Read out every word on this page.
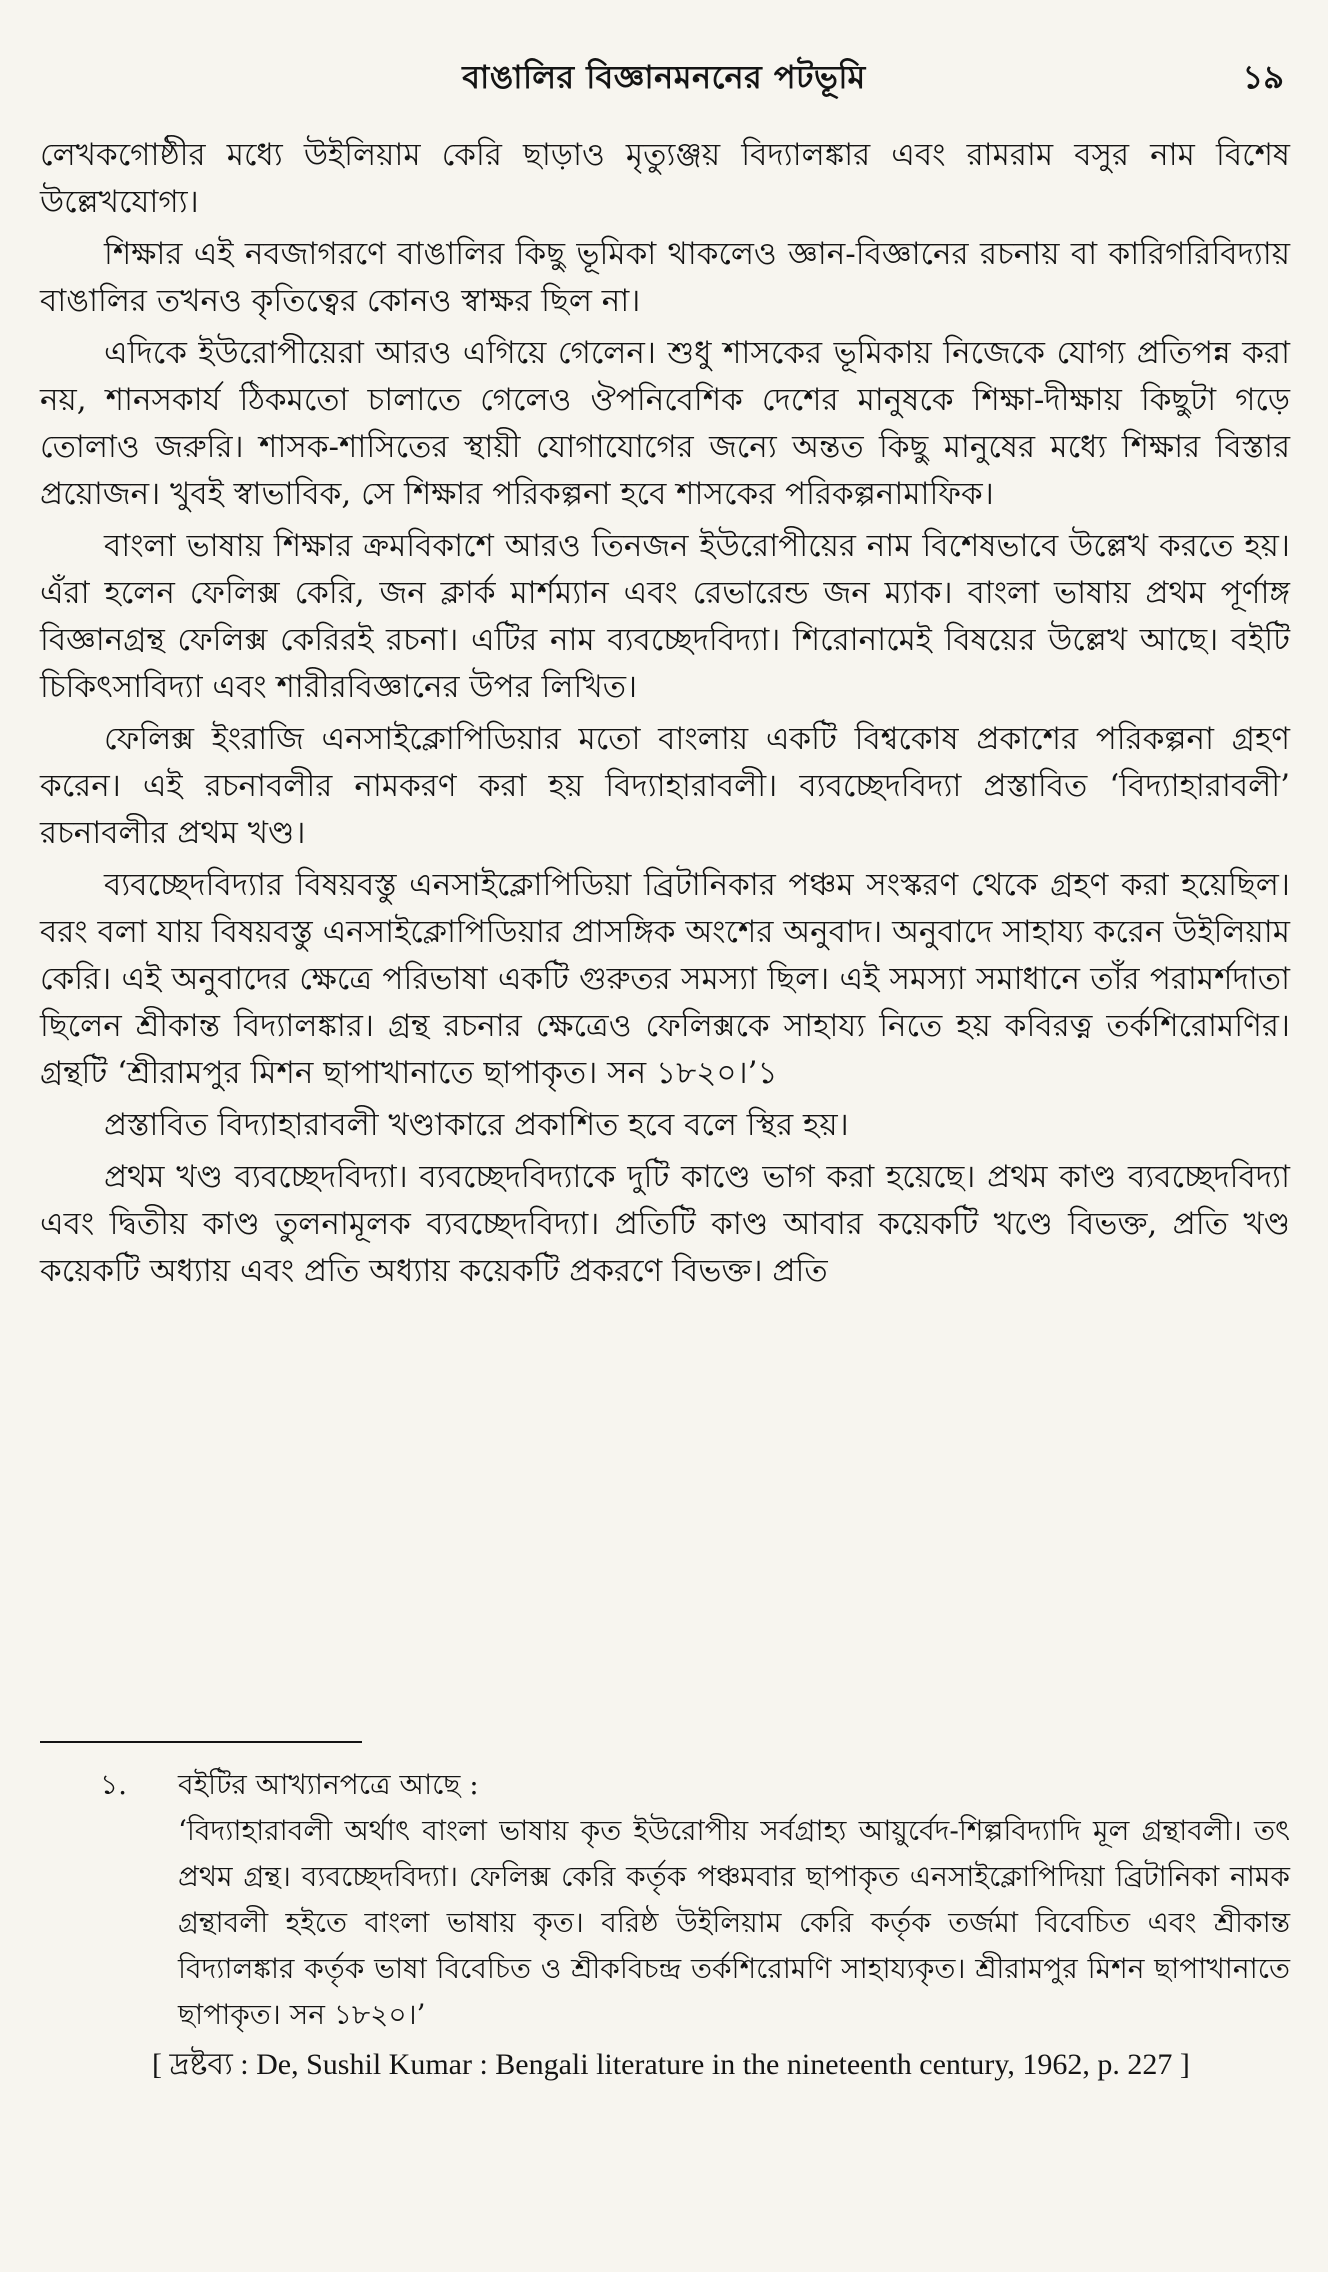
বাঙালির বিজ্ঞানমননের পটভূমি	১৯

লেখকগোষ্ঠীর মধ্যে উইলিয়াম কেরি ছাড়াও মৃত্যুঞ্জয় বিদ্যালঙ্কার এবং রামরাম বসুর নাম বিশেষ উল্লেখযোগ্য।

শিক্ষার এই নবজাগরণে বাঙালির কিছু ভূমিকা থাকলেও জ্ঞান-বিজ্ঞানের রচনায় বা কারিগরিবিদ্যায় বাঙালির তখনও কৃতিত্বের কোনও স্বাক্ষর ছিল না।

এদিকে ইউরোপীয়েরা আরও এগিয়ে গেলেন। শুধু শাসকের ভূমিকায় নিজেকে যোগ্য প্রতিপন্ন করা নয়, শানসকার্য ঠিকমতো চালাতে গেলেও ঔপনিবেশিক দেশের মানুষকে শিক্ষা-দীক্ষায় কিছুটা গড়ে তোলাও জরুরি। শাসক-শাসিতের স্থায়ী যোগাযোগের জন্যে অন্তত কিছু মানুষের মধ্যে শিক্ষার বিস্তার প্রয়োজন। খুবই স্বাভাবিক, সে শিক্ষার পরিকল্পনা হবে শাসকের পরিকল্পনামাফিক।

বাংলা ভাষায় শিক্ষার ক্রমবিকাশে আরও তিনজন ইউরোপীয়ের নাম বিশেষভাবে উল্লেখ করতে হয়। এঁরা হলেন ফেলিক্স কেরি, জন ক্লার্ক মার্শম্যান এবং রেভারেন্ড জন ম্যাক। বাংলা ভাষায় প্রথম পূর্ণাঙ্গ বিজ্ঞানগ্রন্থ ফেলিক্স কেরিরই রচনা। এটির নাম ব্যবচ্ছেদবিদ্যা। শিরোনামেই বিষয়ের উল্লেখ আছে। বইটি চিকিৎসাবিদ্যা এবং শারীরবিজ্ঞানের উপর লিখিত।

ফেলিক্স ইংরাজি এনসাইক্লোপিডিয়ার মতো বাংলায় একটি বিশ্বকোষ প্রকাশের পরিকল্পনা গ্রহণ করেন। এই রচনাবলীর নামকরণ করা হয় বিদ্যাহারাবলী। ব্যবচ্ছেদবিদ্যা প্রস্তাবিত ‘বিদ্যাহারাবলী’ রচনাবলীর প্রথম খণ্ড।

ব্যবচ্ছেদবিদ্যার বিষয়বস্তু এনসাইক্লোপিডিয়া ব্রিটানিকার পঞ্চম সংস্করণ থেকে গ্রহণ করা হয়েছিল। বরং বলা যায় বিষয়বস্তু এনসাইক্লোপিডিয়ার প্রাসঙ্গিক অংশের অনুবাদ। অনুবাদে সাহায্য করেন উইলিয়াম কেরি। এই অনুবাদের ক্ষেত্রে পরিভাষা একটি গুরুতর সমস্যা ছিল। এই সমস্যা সমাধানে তাঁর পরামর্শদাতা ছিলেন শ্রীকান্ত বিদ্যালঙ্কার। গ্রন্থ রচনার ক্ষেত্রেও ফেলিক্সকে সাহায্য নিতে হয় কবিরত্ন তর্কশিরোমণির। গ্রন্থটি ‘শ্রীরামপুর মিশন ছাপাখানাতে ছাপাকৃত। সন ১৮২০।’১

প্রস্তাবিত বিদ্যাহারাবলী খণ্ডাকারে প্রকাশিত হবে বলে স্থির হয়।

প্রথম খণ্ড ব্যবচ্ছেদবিদ্যা। ব্যবচ্ছেদবিদ্যাকে দুটি কাণ্ডে ভাগ করা হয়েছে। প্রথম কাণ্ড ব্যবচ্ছেদবিদ্যা এবং দ্বিতীয় কাণ্ড তুলনামূলক ব্যবচ্ছেদবিদ্যা। প্রতিটি কাণ্ড আবার কয়েকটি খণ্ডে বিভক্ত, প্রতি খণ্ড কয়েকটি অধ্যায় এবং প্রতি অধ্যায় কয়েকটি প্রকরণে বিভক্ত। প্রতি

১. বইটির আখ্যানপত্রে আছে :
‘বিদ্যাহারাবলী অর্থাৎ বাংলা ভাষায় কৃত ইউরোপীয় সর্বগ্রাহ্য আয়ুর্বেদ-শিল্পবিদ্যাদি মূল গ্রন্থাবলী। তৎ প্রথম গ্রন্থ। ব্যবচ্ছেদবিদ্যা। ফেলিক্স কেরি কর্তৃক পঞ্চমবার ছাপাকৃত এনসাইক্লোপিদিয়া ব্রিটানিকা নামক গ্রন্থাবলী হইতে বাংলা ভাষায় কৃত। বরিষ্ঠ উইলিয়াম কেরি কর্তৃক তর্জমা বিবেচিত এবং শ্রীকান্ত বিদ্যালঙ্কার কর্তৃক ভাষা বিবেচিত ও শ্রীকবিচন্দ্র তর্কশিরোমণি সাহায্যকৃত। শ্রীরামপুর মিশন ছাপাখানাতে ছাপাকৃত। সন ১৮২০।’
[ দ্রষ্টব্য : De, Sushil Kumar : Bengali literature in the nineteenth century, 1962, p. 227 ]
